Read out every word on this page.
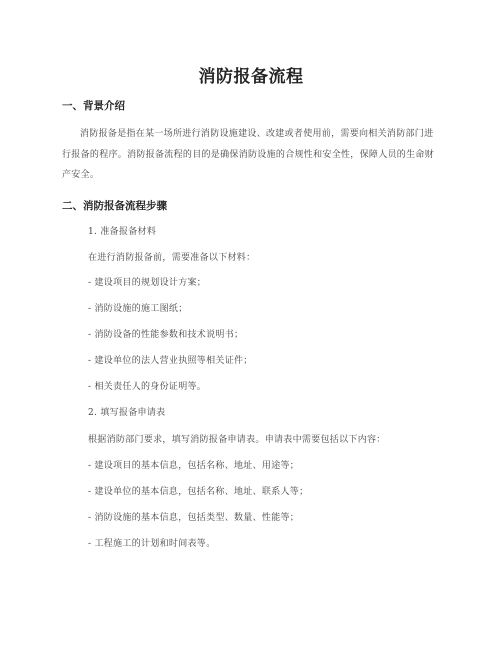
消防报备流程
一、背景介绍
消防报备是指在某一场所进行消防设施建设、改建或者使用前，需要向相关消防部门进行报备的程序。消防报备流程的目的是确保消防设施的合规性和安全性，保障人员的生命财产安全。
二、消防报备流程步骤
1. 准备报备材料
在进行消防报备前，需要准备以下材料：
- 建设项目的规划设计方案；
- 消防设施的施工图纸；
- 消防设备的性能参数和技术说明书；
- 建设单位的法人营业执照等相关证件；
- 相关责任人的身份证明等。
2. 填写报备申请表
根据消防部门要求，填写消防报备申请表。申请表中需要包括以下内容：
- 建设项目的基本信息，包括名称、地址、用途等；
- 建设单位的基本信息，包括名称、地址、联系人等；
- 消防设施的基本信息，包括类型、数量、性能等；
- 工程施工的计划和时间表等。
